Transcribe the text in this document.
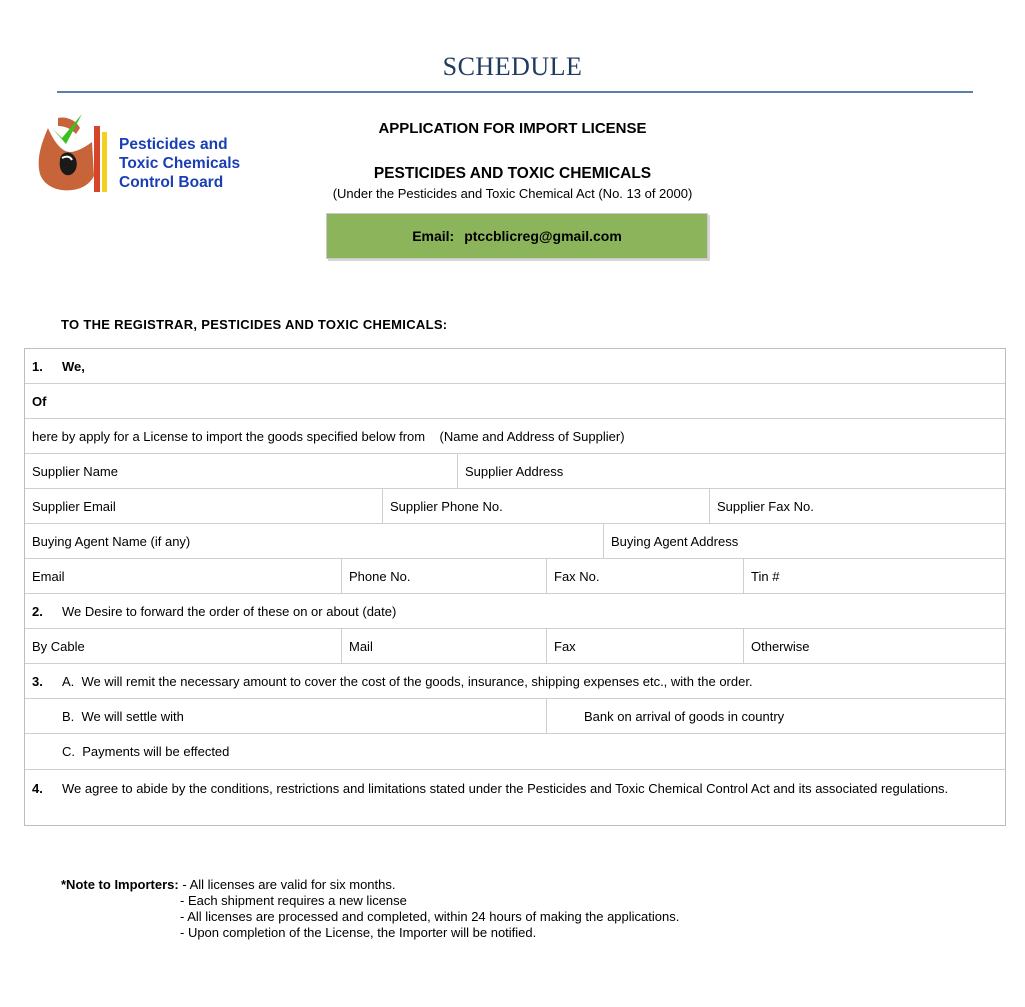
SCHEDULE
Pesticides and
Toxic Chemicals
Control Board
APPLICATION FOR IMPORT LICENSE
PESTICIDES AND TOXIC CHEMICALS
(Under the Pesticides and Toxic Chemical Act (No. 13 of 2000)
Email: ptccblicreg@gmail.com
TO THE REGISTRAR, PESTICIDES AND TOXIC CHEMICALS:
1.	We,
Of
here by apply for a License to import the goods specified below from    (Name and Address of Supplier)
Supplier Name	Supplier Address
Supplier Email	Supplier Phone No.	Supplier Fax No.
Buying Agent Name (if any)	Buying Agent Address
Email	Phone No.	Fax No.	Tin #
2.	We Desire to forward the order of these on or about (date)
By Cable	Mail	Fax	Otherwise
3.	A.  We will remit the necessary amount to cover the cost of the goods, insurance, shipping expenses etc., with the order.
B.  We will settle with	Bank on arrival of goods in country
C.  Payments will be effected
4.	We agree to abide by the conditions, restrictions and limitations stated under the Pesticides and Toxic Chemical Control Act and its associated regulations.
*Note to Importers: - All licenses are valid for six months.
- Each shipment requires a new license
- All licenses are processed and completed, within 24 hours of making the applications.
- Upon completion of the License, the Importer will be notified.
